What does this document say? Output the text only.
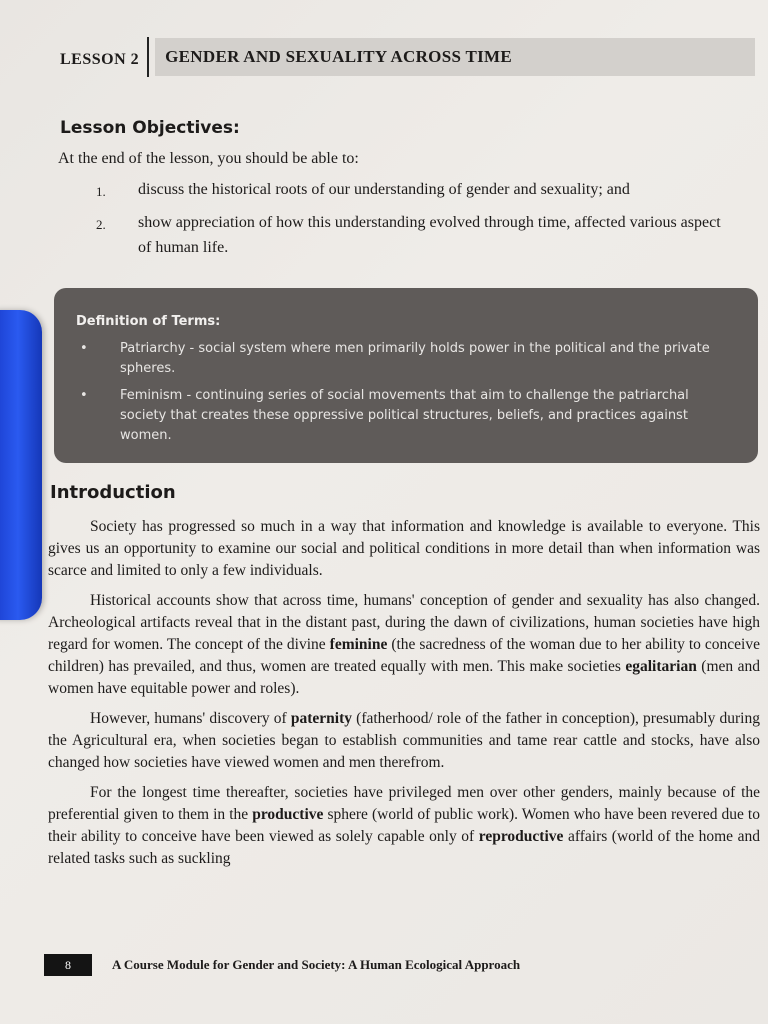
LESSON 2	GENDER AND SEXUALITY ACROSS TIME
Lesson Objectives:
At the end of the lesson, you should be able to:
1.	discuss the historical roots of our understanding of gender and sexuality; and
2.	show appreciation of how this understanding evolved through time, affected various aspect of human life.
Definition of Terms:
•	Patriarchy - social system where men primarily holds power in the political and the private spheres.
•	Feminism - continuing series of social movements that aim to challenge the patriarchal society that creates these oppressive political structures, beliefs, and practices against women.
Introduction

Society has progressed so much in a way that information and knowledge is available to everyone. This gives us an opportunity to examine our social and political conditions in more detail than when information was scarce and limited to only a few individuals.

Historical accounts show that across time, humans' conception of gender and sexuality has also changed. Archeological artifacts reveal that in the distant past, during the dawn of civilizations, human societies have high regard for women. The concept of the divine feminine (the sacredness of the woman due to her ability to conceive children) has prevailed, and thus, women are treated equally with men. This make societies egalitarian (men and women have equitable power and roles).

However, humans' discovery of paternity (fatherhood/ role of the father in conception), presumably during the Agricultural era, when societies began to establish communities and tame rear cattle and stocks, have also changed how societies have viewed women and men therefrom.

For the longest time thereafter, societies have privileged men over other genders, mainly because of the preferential given to them in the productive sphere (world of public work). Women who have been revered due to their ability to conceive have been viewed as solely capable only of reproductive affairs (world of the home and related tasks such as suckling

8	A Course Module for Gender and Society: A Human Ecological Approach
